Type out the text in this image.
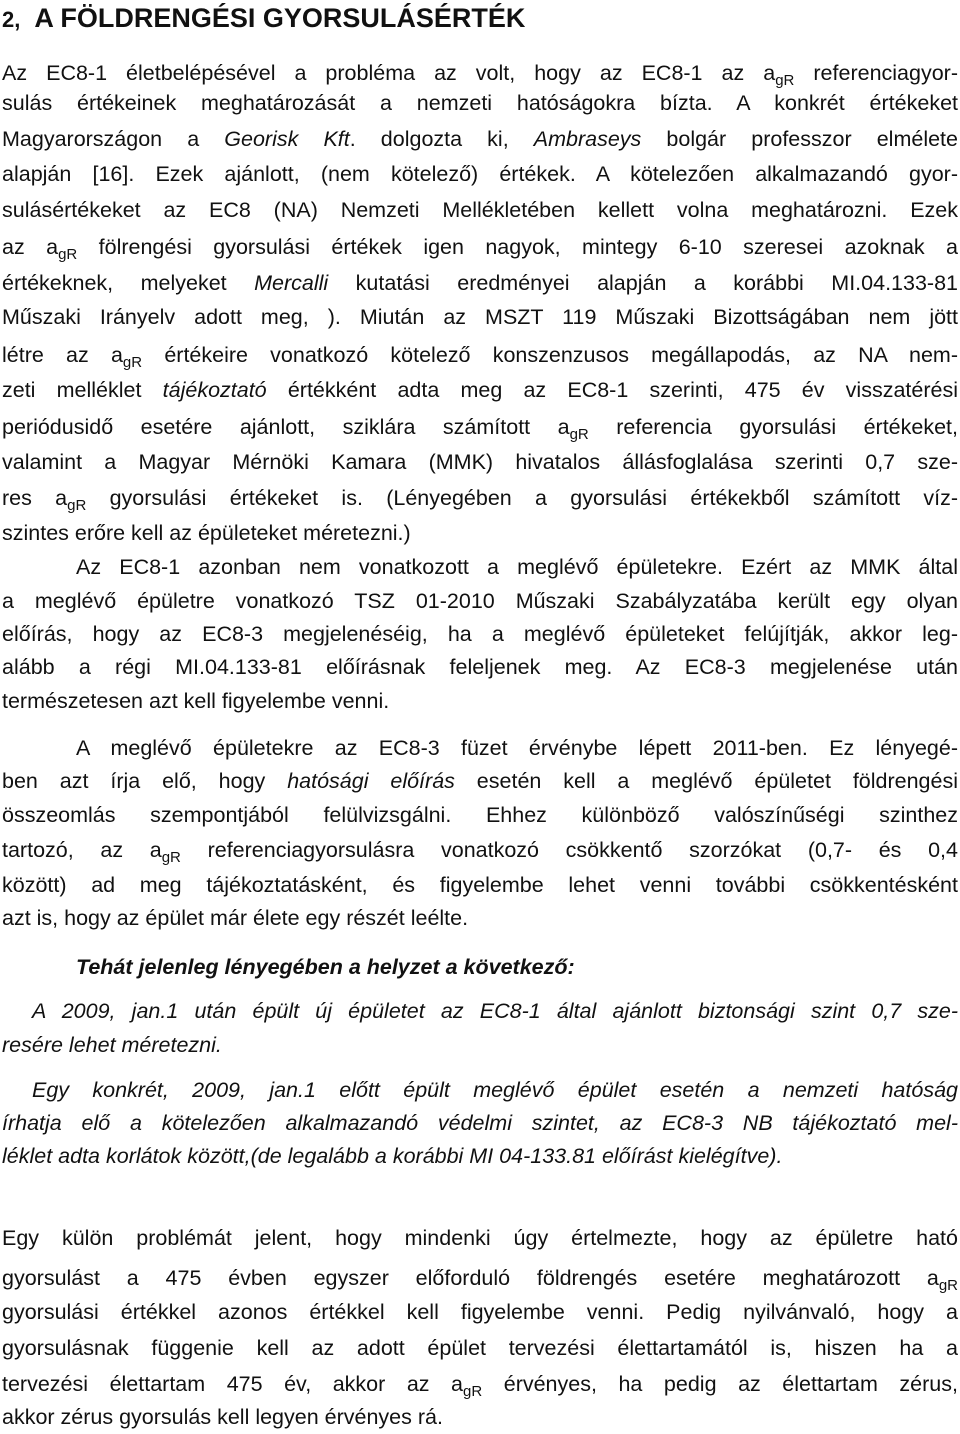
2, A FÖLDRENGÉSI GYORSULÁSÉRTÉK
Az EC8-1 életbelépésével a probléma az volt, hogy az EC8-1 az $a_{gR}$ referenciagyor-
sulás értékeinek meghatározását a nemzeti hatóságokra bízta. A konkrét értékeket
Magyarországon a Georisk Kft. dolgozta ki, Ambraseys bolgár professzor elmélete
alapján [16]. Ezek ajánlott, (nem kötelező) értékek. A kötelezően alkalmazandó gyor-
sulásértékeket az EC8 (NA) Nemzeti Mellékletében kellett volna meghatározni. Ezek
az $a_{gR}$ fölrengési gyorsulási értékek igen nagyok, mintegy 6-10 szeresei azoknak a
értékeknek, melyeket Mercalli kutatási eredményei alapján a korábbi MI.04.133-81
Műszaki Irányelv adott meg, ). Miután az MSZT 119 Műszaki Bizottságában nem jött
létre az $a_{gR}$ értékeire vonatkozó kötelező konszenzusos megállapodás, az NA nem-
zeti melléklet tájékoztató értékként adta meg az EC8-1 szerinti, 475 év visszatérési
periódusidő esetére ajánlott, sziklára számított $a_{gR}$ referencia gyorsulási értékeket,
valamint a Magyar Mérnöki Kamara (MMK) hivatalos állásfoglalása szerinti 0,7 sze-
res $a_{gR}$ gyorsulási értékeket is. (Lényegében a gyorsulási értékekből számított víz-
szintes erőre kell az épületeket méretezni.)
Az EC8-1 azonban nem vonatkozott a meglévő épületekre. Ezért az MMK által
a meglévő épületre vonatkozó TSZ 01-2010 Műszaki Szabályzatába került egy olyan
előírás, hogy az EC8-3 megjelenéséig, ha a meglévő épületeket felújítják, akkor leg-
alább a régi MI.04.133-81 előírásnak feleljenek meg. Az EC8-3 megjelenése után
természetesen azt kell figyelembe venni.
A meglévő épületekre az EC8-3 füzet érvénybe lépett 2011-ben. Ez lényegé-
ben azt írja elő, hogy hatósági előírás esetén kell a meglévő épületet földrengési
összeomlás szempontjából felülvizsgálni. Ehhez különböző valószínűségi szinthez
tartozó, az $a_{gR}$ referenciagyorsulásra vonatkozó csökkentő szorzókat (0,7- és 0,4
között) ad meg tájékoztatásként, és figyelembe lehet venni további csökkentésként
azt is, hogy az épület már élete egy részét leélte.
Tehát jelenleg lényegében a helyzet a következő:
A 2009, jan.1 után épült új épületet az EC8-1 által ajánlott biztonsági szint 0,7 sze-
resére lehet méretezni.
Egy konkrét, 2009, jan.1 előtt épült meglévő épület esetén a nemzeti hatóság
írhatja elő a kötelezően alkalmazandó védelmi szintet, az EC8-3 NB tájékoztató mel-
léklet adta korlátok között,(de legalább a korábbi MI 04-133.81 előírást kielégítve).
Egy külön problémát jelent, hogy mindenki úgy értelmezte, hogy az épületre ható
gyorsulást a 475 évben egyszer előforduló földrengés esetére meghatározott $a_{gR}$
gyorsulási értékkel azonos értékkel kell figyelembe venni. Pedig nyilvánvaló, hogy a
gyorsulásnak függenie kell az adott épület tervezési élettartamától is, hiszen ha a
tervezési élettartam 475 év, akkor az $a_{gR}$ érvényes, ha pedig az élettartam zérus,
akkor zérus gyorsulás kell legyen érvényes rá.
